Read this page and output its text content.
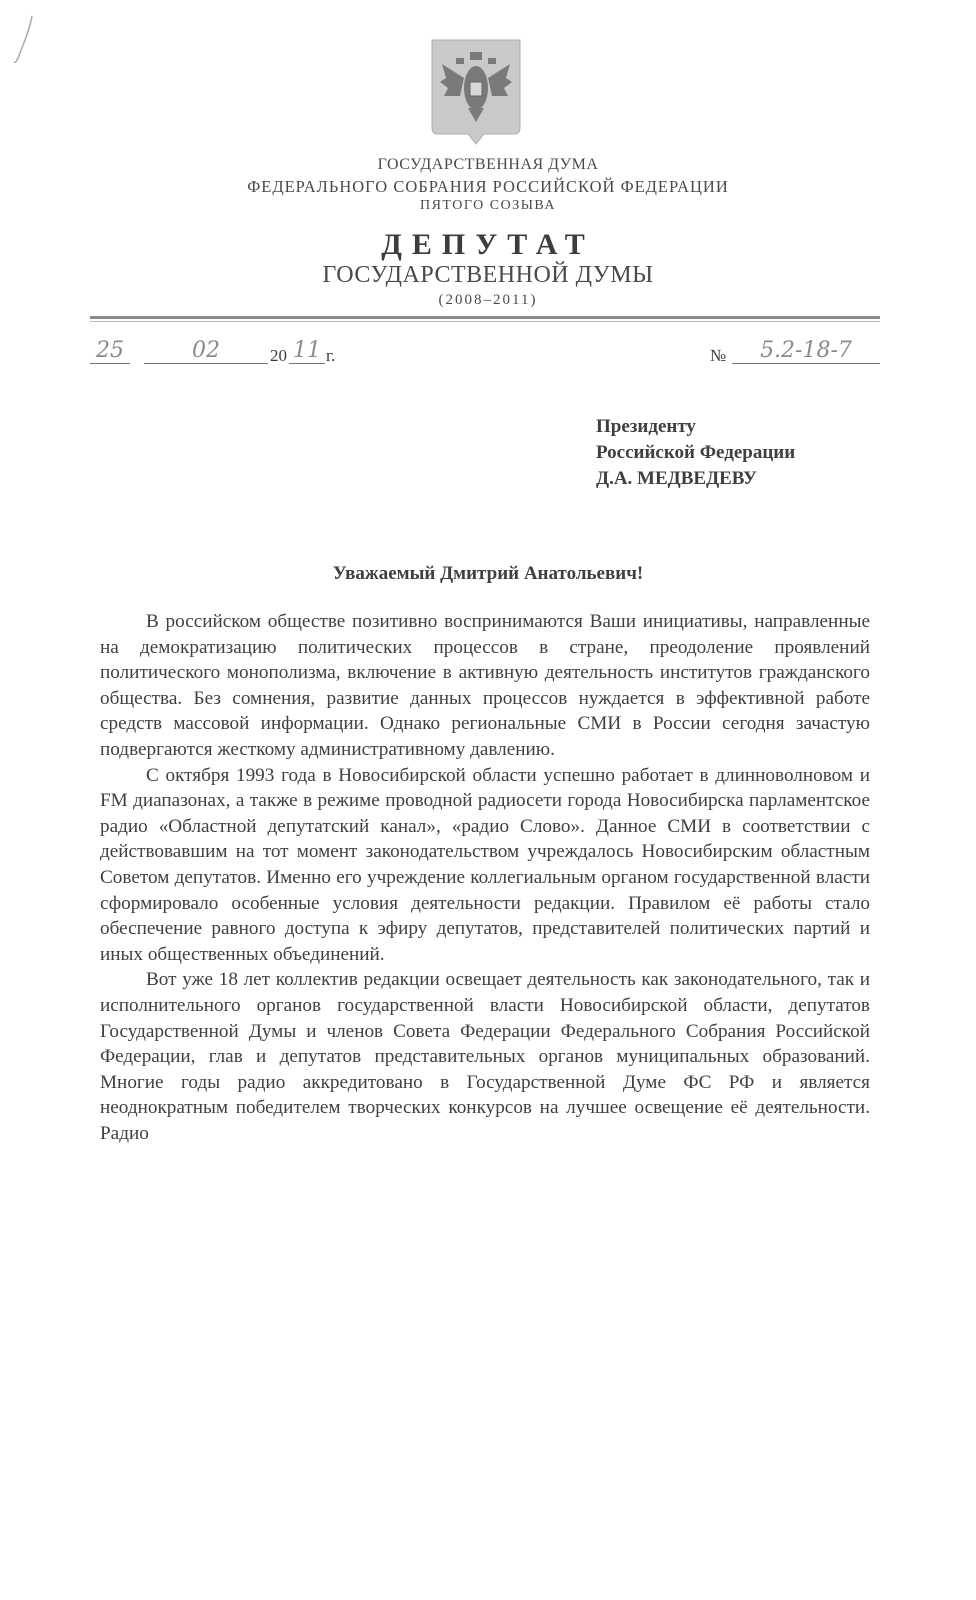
ГОСУДАРСТВЕННАЯ ДУМА
ФЕДЕРАЛЬНОГО СОБРАНИЯ РОССИЙСКОЙ ФЕДЕРАЦИИ
ПЯТОГО СОЗЫВА
ДЕПУТАТ
ГОСУДАРСТВЕННОЙ ДУМЫ
(2008–2011)
25	02	20 11 г.	№	5.2-18-7
Президенту
Российской Федерации
Д.А. МЕДВЕДЕВУ
Уважаемый Дмитрий Анатольевич!

В российском обществе позитивно воспринимаются Ваши инициативы, направленные на демократизацию политических процессов в стране, преодоление проявлений политического монополизма, включение в активную деятельность институтов гражданского общества. Без сомнения, развитие данных процессов нуждается в эффективной работе средств массовой информации. Однако региональные СМИ в России сегодня зачастую подвергаются жесткому административному давлению.

С октября 1993 года в Новосибирской области успешно работает в длинноволновом и FM диапазонах, а также в режиме проводной радиосети города Новосибирска парламентское радио «Областной депутатский канал», «радио Слово». Данное СМИ в соответствии с действовавшим на тот момент законодательством учреждалось Новосибирским областным Советом депутатов. Именно его учреждение коллегиальным органом государственной власти сформировало особенные условия деятельности редакции. Правилом её работы стало обеспечение равного доступа к эфиру депутатов, представителей политических партий и иных общественных объединений.

Вот уже 18 лет коллектив редакции освещает деятельность как законодательного, так и исполнительного органов государственной власти Новосибирской области, депутатов Государственной Думы и членов Совета Федерации Федерального Собрания Российской Федерации, глав и депутатов представительных органов муниципальных образований. Многие годы радио аккредитовано в Государственной Думе ФС РФ и является неоднократным победителем творческих конкурсов на лучшее освещение её деятельности. Радио
